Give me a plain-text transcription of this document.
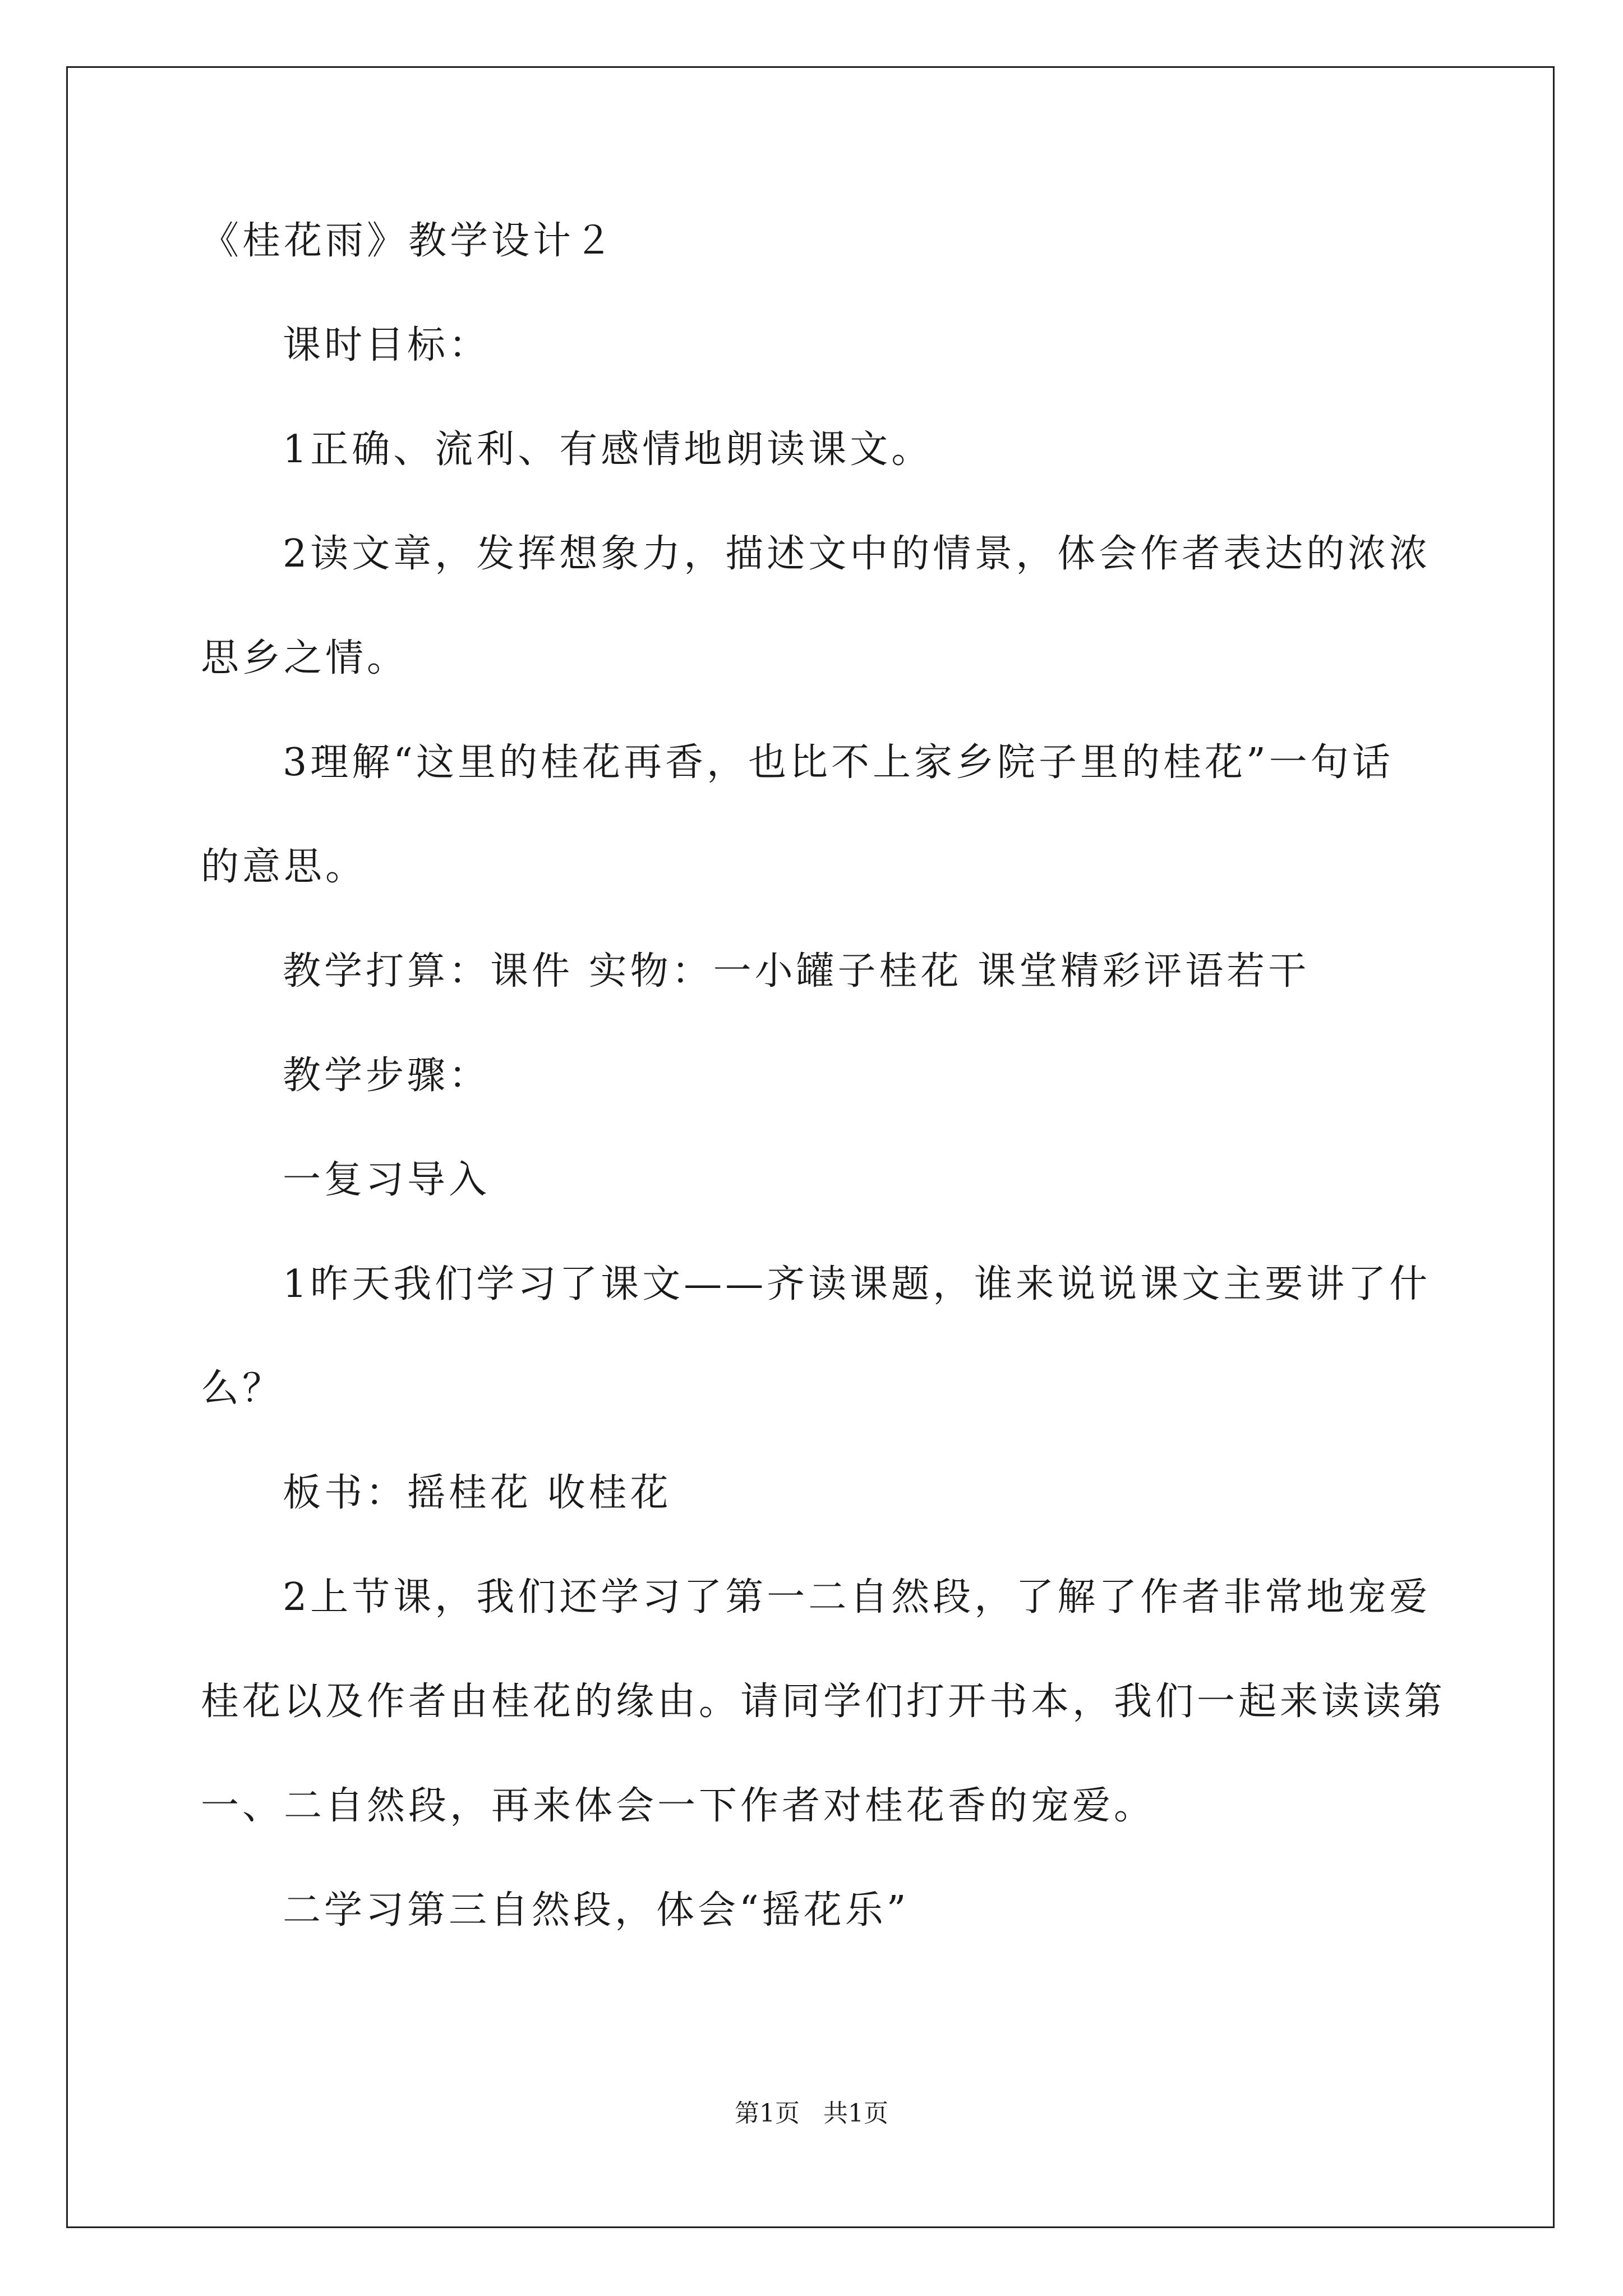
《桂花雨》教学设计２
课时目标：
1正确、流利、有感情地朗读课文。
2读文章，发挥想象力，描述文中的情景，体会作者表达的浓浓
思乡之情。
3理解“这里的桂花再香，也比不上家乡院子里的桂花”一句话
的意思。
教学打算：课件 实物：一小罐子桂花 课堂精彩评语若干
教学步骤：
一复习导入
1昨天我们学习了课文——齐读课题，谁来说说课文主要讲了什
么？
板书：摇桂花 收桂花
2上节课，我们还学习了第一二自然段，了解了作者非常地宠爱
桂花以及作者由桂花的缘由。请同学们打开书本，我们一起来读读第
一、二自然段，再来体会一下作者对桂花香的宠爱。
二学习第三自然段，体会“摇花乐”
第1页 共1页
